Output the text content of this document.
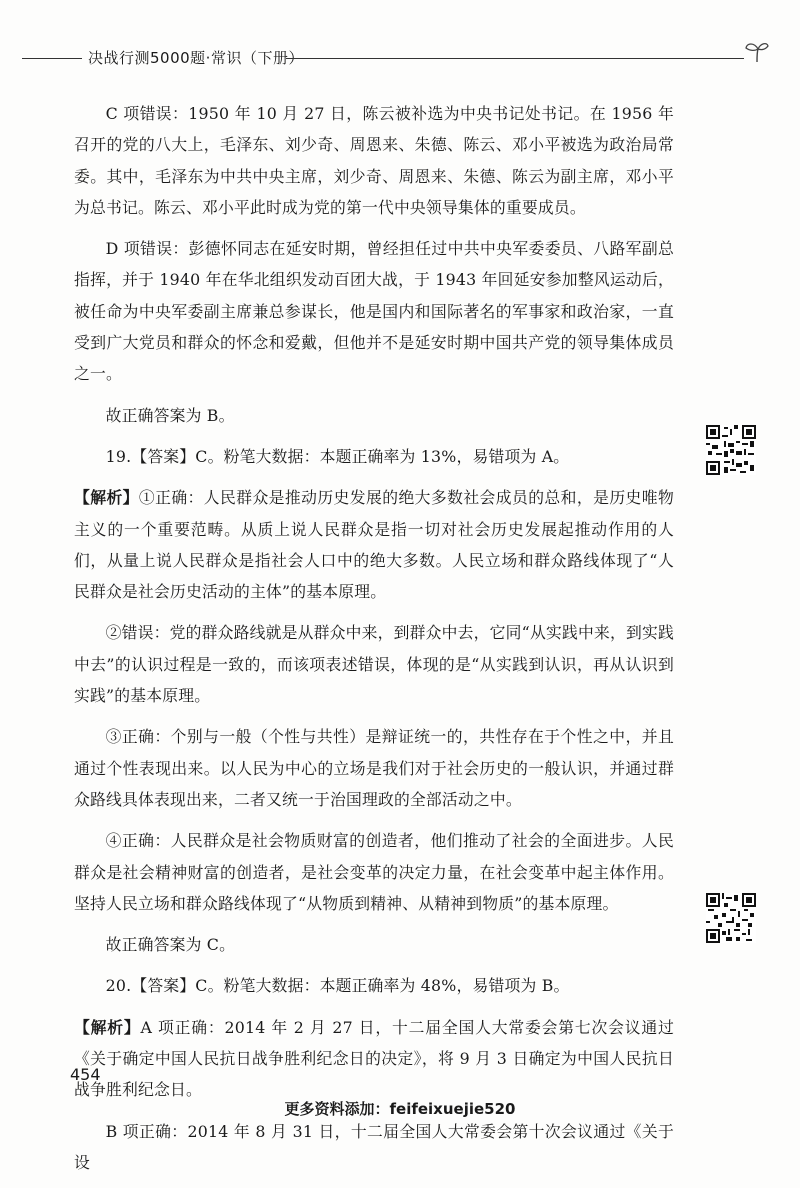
决战行测5000题·常识（下册）

C 项错误：1950 年 10 月 27 日，陈云被补选为中央书记处书记。在 1956 年召开的党的八大上，毛泽东、刘少奇、周恩来、朱德、陈云、邓小平被选为政治局常委。其中，毛泽东为中共中央主席，刘少奇、周恩来、朱德、陈云为副主席，邓小平为总书记。陈云、邓小平此时成为党的第一代中央领导集体的重要成员。

D 项错误：彭德怀同志在延安时期，曾经担任过中共中央军委委员、八路军副总指挥，并于 1940 年在华北组织发动百团大战，于 1943 年回延安参加整风运动后，被任命为中央军委副主席兼总参谋长，他是国内和国际著名的军事家和政治家，一直受到广大党员和群众的怀念和爱戴，但他并不是延安时期中国共产党的领导集体成员之一。

故正确答案为 B。

19.【答案】C。粉笔大数据：本题正确率为 13%，易错项为 A。

【解析】①正确：人民群众是推动历史发展的绝大多数社会成员的总和，是历史唯物主义的一个重要范畴。从质上说人民群众是指一切对社会历史发展起推动作用的人们，从量上说人民群众是指社会人口中的绝大多数。人民立场和群众路线体现了“人民群众是社会历史活动的主体”的基本原理。

②错误：党的群众路线就是从群众中来，到群众中去，它同“从实践中来，到实践中去”的认识过程是一致的，而该项表述错误，体现的是“从实践到认识，再从认识到实践”的基本原理。

③正确：个别与一般（个性与共性）是辩证统一的，共性存在于个性之中，并且通过个性表现出来。以人民为中心的立场是我们对于社会历史的一般认识，并通过群众路线具体表现出来，二者又统一于治国理政的全部活动之中。

④正确：人民群众是社会物质财富的创造者，他们推动了社会的全面进步。人民群众是社会精神财富的创造者，是社会变革的决定力量，在社会变革中起主体作用。坚持人民立场和群众路线体现了“从物质到精神、从精神到物质”的基本原理。

故正确答案为 C。

20.【答案】C。粉笔大数据：本题正确率为 48%，易错项为 B。

【解析】A 项正确：2014 年 2 月 27 日，十二届全国人大常委会第七次会议通过《关于确定中国人民抗日战争胜利纪念日的决定》，将 9 月 3 日确定为中国人民抗日战争胜利纪念日。

B 项正确：2014 年 8 月 31 日，十二届全国人大常委会第十次会议通过《关于设

454
更多资料添加：feifeixuejie520
